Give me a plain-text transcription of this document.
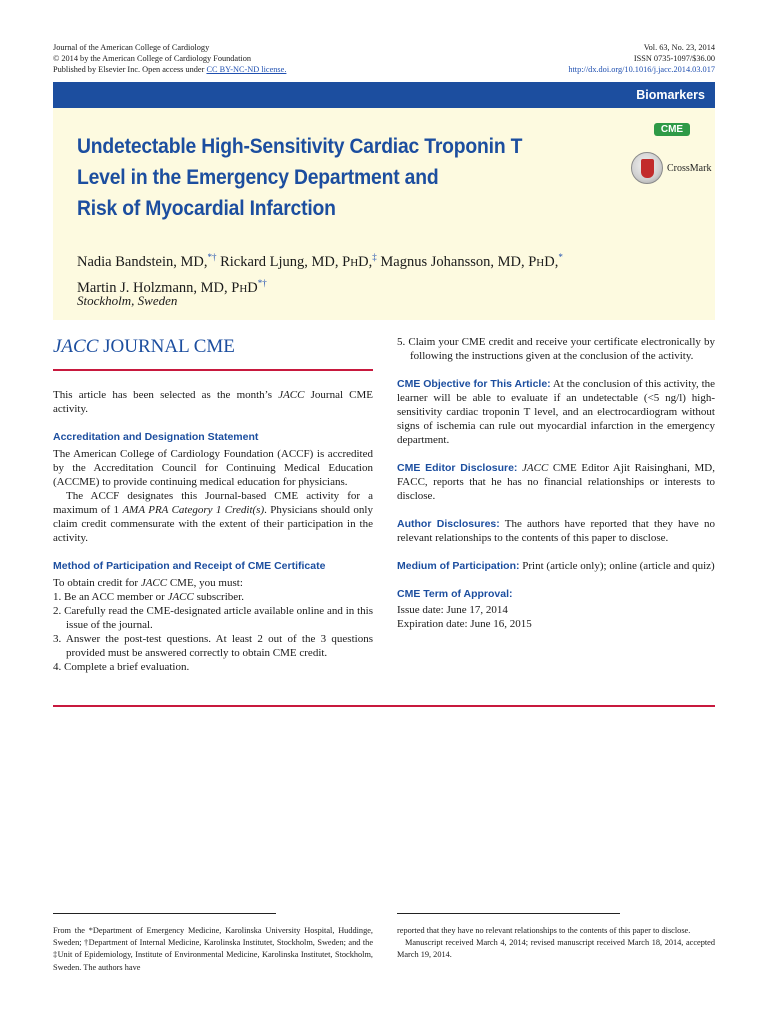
Journal of the American College of Cardiology
© 2014 by the American College of Cardiology Foundation
Published by Elsevier Inc. Open access under CC BY-NC-ND license.
Vol. 63, No. 23, 2014
ISSN 0735-1097/$36.00
http://dx.doi.org/10.1016/j.jacc.2014.03.017
Biomarkers
Undetectable High-Sensitivity Cardiac Troponin T
Level in the Emergency Department and
Risk of Myocardial Infarction
CME
CrossMark
Nadia Bandstein, MD,*† Rickard Ljung, MD, PHD,‡ Magnus Johansson, MD, PHD,*
Martin J. Holzmann, MD, PHD*†
Stockholm, Sweden
JACC JOURNAL CME
This article has been selected as the month’s JACC Journal CME activity.
Accreditation and Designation Statement
The American College of Cardiology Foundation (ACCF) is accredited by the Accreditation Council for Continuing Medical Education (ACCME) to provide continuing medical education for physicians.
The ACCF designates this Journal-based CME activity for a maximum of 1 AMA PRA Category 1 Credit(s). Physicians should only claim credit commensurate with the extent of their participation in the activity.
Method of Participation and Receipt of CME Certificate
To obtain credit for JACC CME, you must:
1. Be an ACC member or JACC subscriber.
2. Carefully read the CME-designated article available online and in this issue of the journal.
3. Answer the post-test questions. At least 2 out of the 3 questions provided must be answered correctly to obtain CME credit.
4. Complete a brief evaluation.
5. Claim your CME credit and receive your certificate electronically by following the instructions given at the conclusion of the activity.
CME Objective for This Article: At the conclusion of this activity, the learner will be able to evaluate if an undetectable (<5 ng/l) high-sensitivity cardiac troponin T level, and an electrocardiogram without signs of ischemia can rule out myocardial infarction in the emergency department.
CME Editor Disclosure: JACC CME Editor Ajit Raisinghani, MD, FACC, reports that he has no financial relationships or interests to disclose.
Author Disclosures: The authors have reported that they have no relevant relationships to the contents of this paper to disclose.
Medium of Participation: Print (article only); online (article and quiz)
CME Term of Approval:
Issue date: June 17, 2014
Expiration date: June 16, 2015
From the *Department of Emergency Medicine, Karolinska University Hospital, Huddinge, Sweden; †Department of Internal Medicine, Karolinska Institutet, Stockholm, Sweden; and the ‡Unit of Epidemiology, Institute of Environmental Medicine, Karolinska Institutet, Stockholm, Sweden. The authors have
reported that they have no relevant relationships to the contents of this paper to disclose.
Manuscript received March 4, 2014; revised manuscript received March 18, 2014, accepted March 19, 2014.
